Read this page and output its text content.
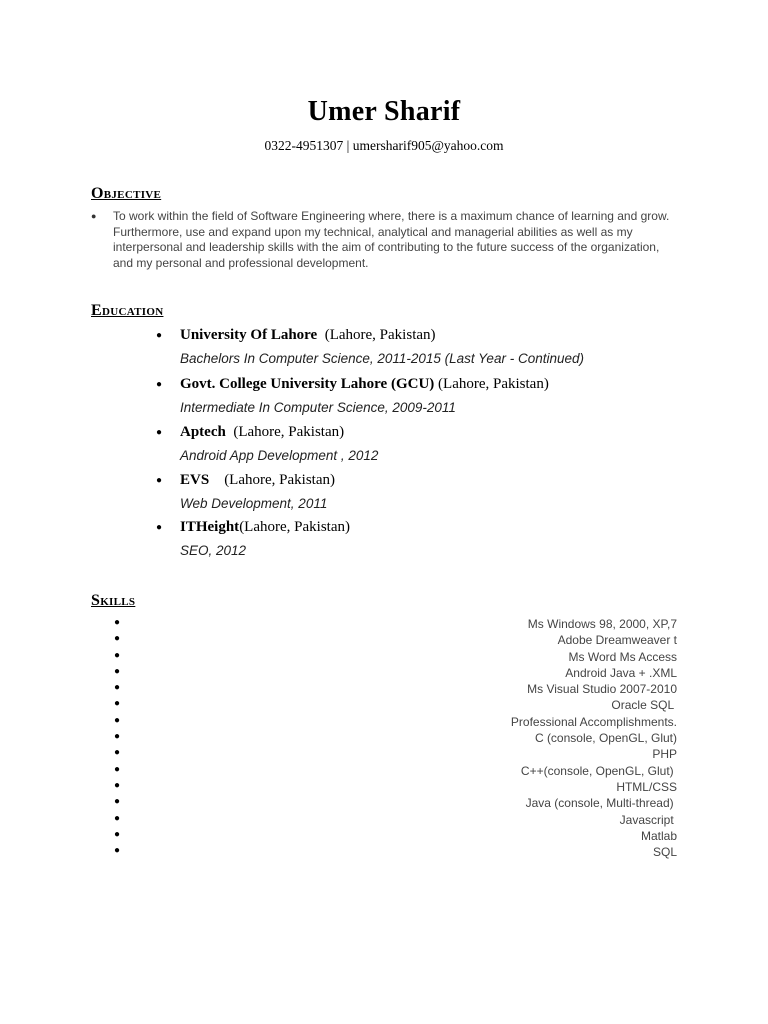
Umer Sharif
0322-4951307 | umersharif905@yahoo.com
Objective
● To work within the field of Software Engineering where, there is a maximum chance of learning and grow. Furthermore, use and expand upon my technical, analytical and managerial abilities as well as my interpersonal and leadership skills with the aim of contributing to the future success of the organization, and my personal and professional development.
Education
● University Of Lahore  (Lahore, Pakistan)
Bachelors In Computer Science, 2011-2015 (Last Year - Continued)
● Govt. College University Lahore (GCU) (Lahore, Pakistan)
Intermediate In Computer Science, 2009-2011
● Aptech  (Lahore, Pakistan)
Android App Development , 2012
● EVS    (Lahore, Pakistan)
Web Development, 2011
● ITHeight(Lahore, Pakistan)
SEO, 2012
Skills
●	Ms Windows 98, 2000, XP,7
●	Adobe Dreamweaver t
●	Ms Word Ms Access
●	Android Java + .XML
●	Ms Visual Studio 2007-2010
●	Oracle SQL
●	Professional Accomplishments.
●	C (console, OpenGL, Glut)
●	PHP
●	C++(console, OpenGL, Glut)
●	HTML/CSS
●	Java (console, Multi-thread)
●	Javascript
●	Matlab
●	SQL
